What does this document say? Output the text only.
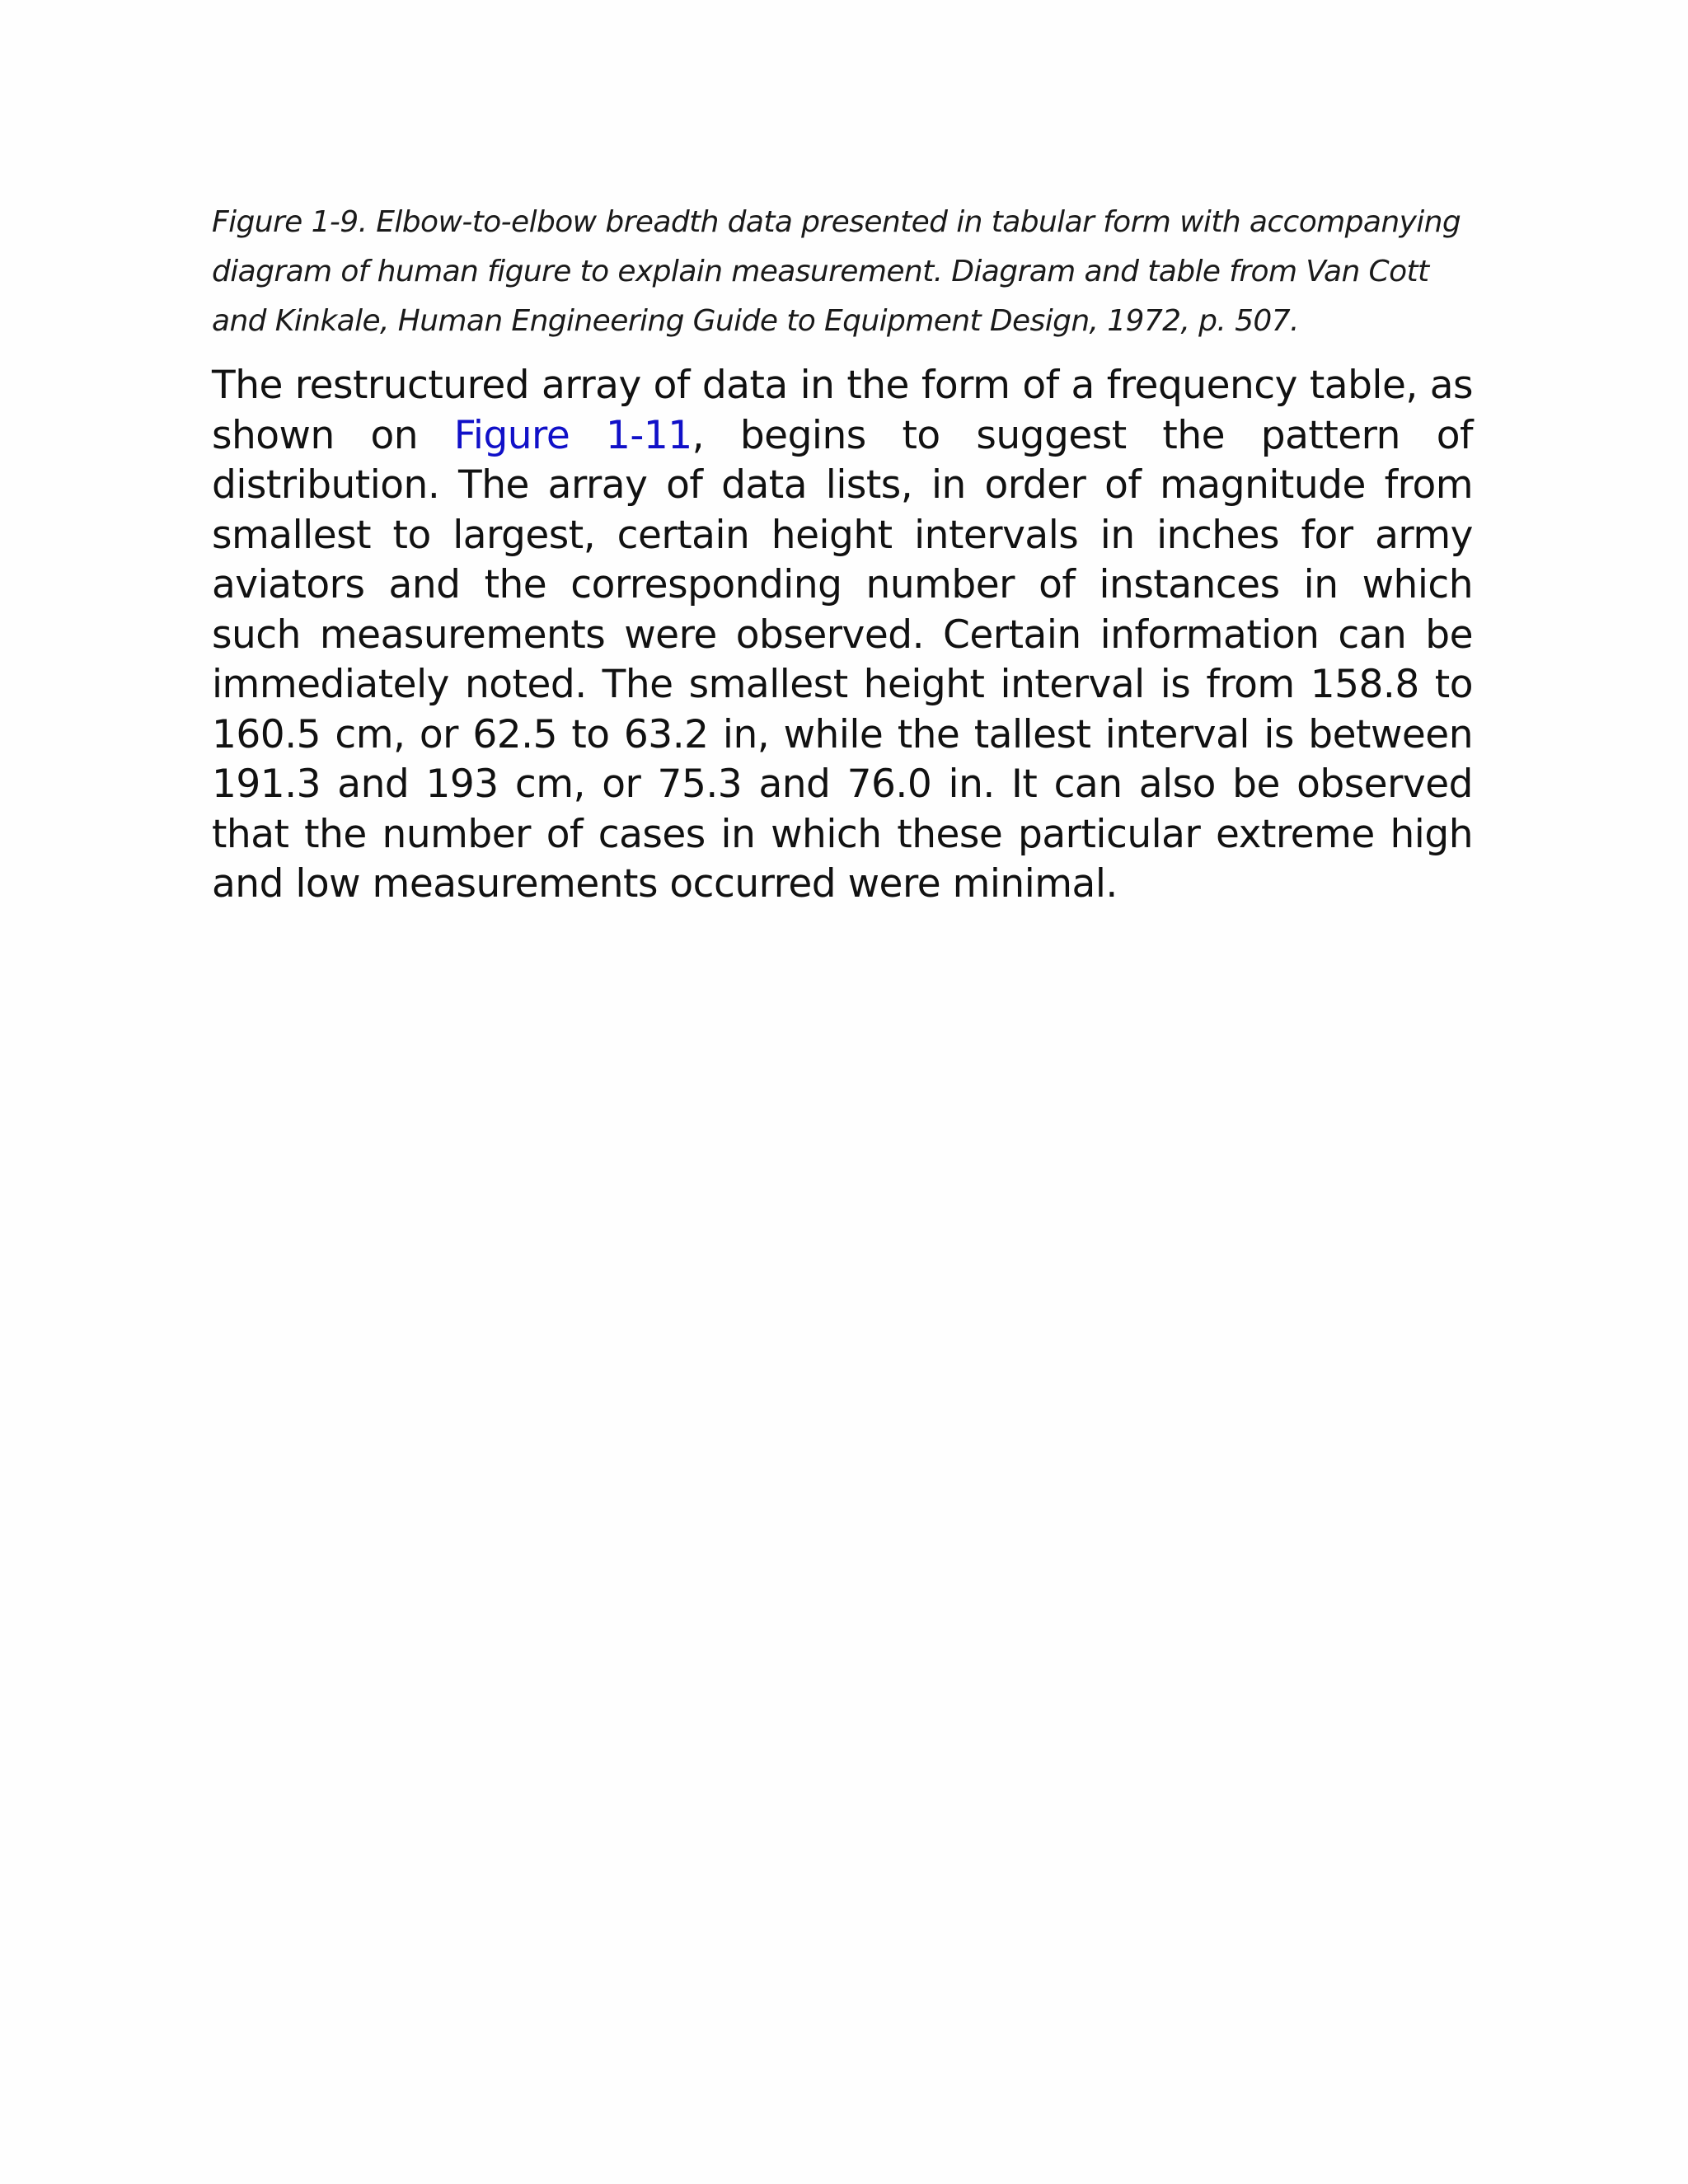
Figure 1-9. Elbow-to-elbow breadth data presented in tabular form with accompanying diagram of human figure to explain measurement. Diagram and table from Van Cott and Kinkale, Human Engineering Guide to Equipment Design, 1972, p. 507.

The restructured array of data in the form of a frequency table, as shown on Figure 1-11, begins to suggest the pattern of distribution. The array of data lists, in order of magnitude from smallest to largest, certain height intervals in inches for army aviators and the corresponding number of instances in which such measurements were observed. Certain information can be immediately noted. The smallest height interval is from 158.8 to 160.5 cm, or 62.5 to 63.2 in, while the tallest interval is between 191.3 and 193 cm, or 75.3 and 76.0 in. It can also be observed that the number of cases in which these particular extreme high and low measurements occurred were minimal.
